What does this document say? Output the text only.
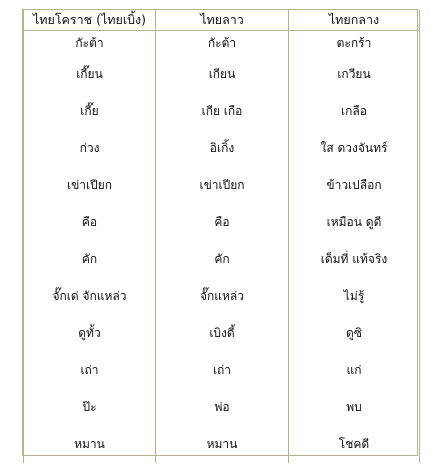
ไทยโคราช (ไทยเบิ้ง)	ไทยลาว	ไทยกลาง
กัะต้า	กัะต้า	ตะกร้า
เกี๊ยน	เกียน	เกวียน
เกี๊ย	เกีย เกือ	เกลือ
ก่วง	อิเกิ้ง	ใส ดวงจันทร์
เข่าเปียก	เข่าเปียก	ข้าวเปลือก
คือ	คือ	เหมือน ดูดี
คัก	คัก	เด็มที่ แท้จริง
จั๊กเด่ จักแหล่ว	จั๊กแหล่ว	ไม่รู้
ดูทั้ว	เบิงดี้	ดูซิ
เถ่า	เถ่า	แก่
ป๊ะ	พ่อ	พบ
หมาน	หมาน	โชคดี
